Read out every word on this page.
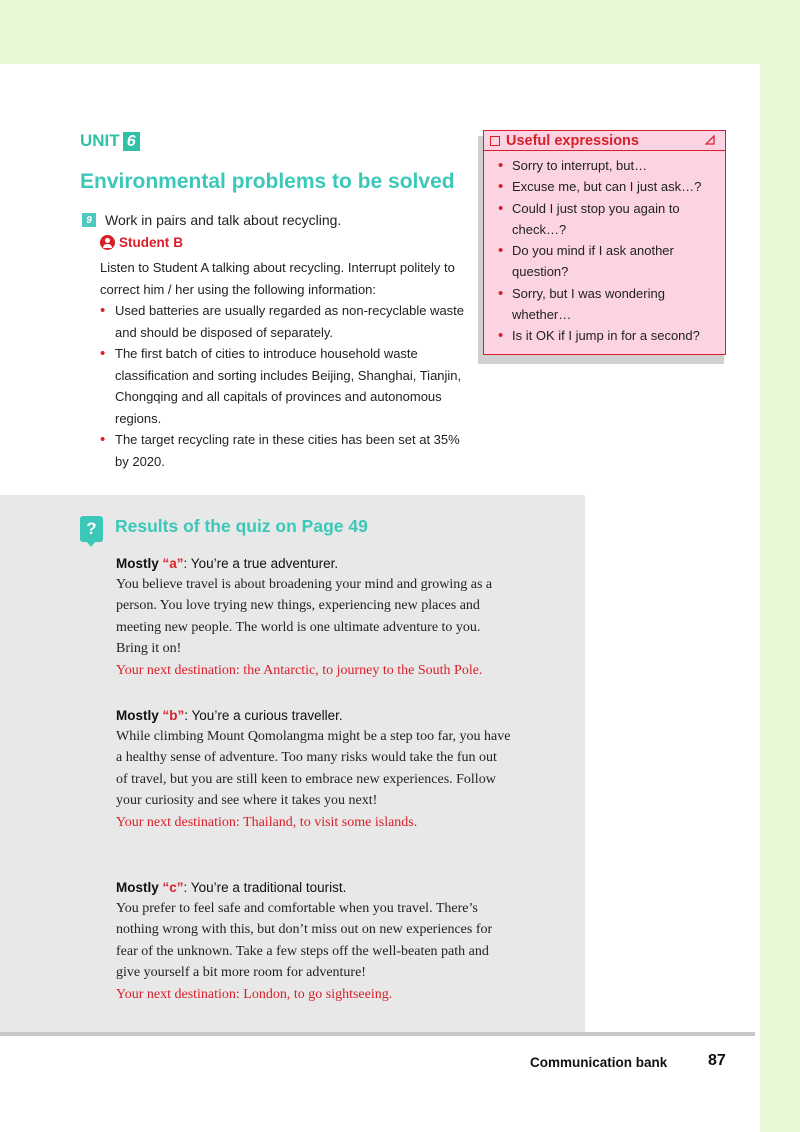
UNIT 6
Environmental problems to be solved
9 Work in pairs and talk about recycling.
Student B

Listen to Student A talking about recycling. Interrupt politely to correct him / her using the following information:

• Used batteries are usually regarded as non-recyclable waste and should be disposed of separately.
• The first batch of cities to introduce household waste classification and sorting includes Beijing, Shanghai, Tianjin, Chongqing and all capitals of provinces and autonomous regions.
• The target recycling rate in these cities has been set at 35% by 2020.
Useful expressions
• Sorry to interrupt, but…
• Excuse me, but can I just ask…?
• Could I just stop you again to check…?
• Do you mind if I ask another question?
• Sorry, but I was wondering whether…
• Is it OK if I jump in for a second?
?	Results of the quiz on Page 49
Mostly “a”: You’re a true adventurer.

You believe travel is about broadening your mind and growing as a person. You love trying new things, experiencing new places and meeting new people. The world is one ultimate adventure to you. Bring it on!

Your next destination: the Antarctic, to journey to the South Pole.

Mostly “b”: You’re a curious traveller.

While climbing Mount Qomolangma might be a step too far, you have a healthy sense of adventure. Too many risks would take the fun out of travel, but you are still keen to embrace new experiences. Follow your curiosity and see where it takes you next!

Your next destination: Thailand, to visit some islands.

Mostly “c”: You’re a traditional tourist.

You prefer to feel safe and comfortable when you travel. There’s nothing wrong with this, but don’t miss out on new experiences for fear of the unknown. Take a few steps off the well-beaten path and give yourself a bit more room for adventure!

Your next destination: London, to go sightseeing.

Communication bank	87
